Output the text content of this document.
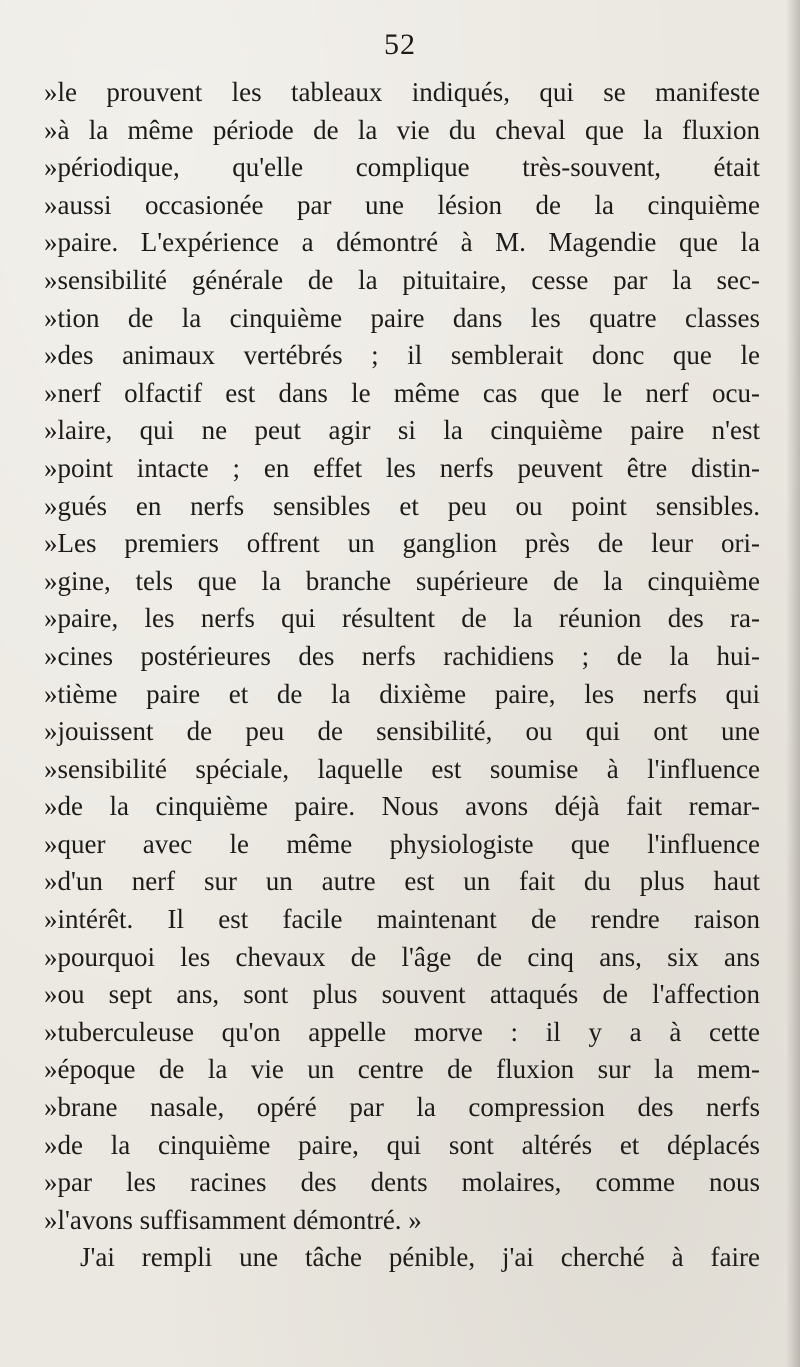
52
»le prouvent les tableaux indiqués, qui se manifeste
»à la même période de la vie du cheval que la fluxion
»périodique, qu'elle complique très-souvent, était
»aussi occasionée par une lésion de la cinquième
»paire. L'expérience a démontré à M. Magendie que la
»sensibilité générale de la pituitaire, cesse par la sec-
»tion de la cinquième paire dans les quatre classes
»des animaux vertébrés ; il semblerait donc que le
»nerf olfactif est dans le même cas que le nerf ocu-
»laire, qui ne peut agir si la cinquième paire n'est
»point intacte ; en effet les nerfs peuvent être distin-
»gués en nerfs sensibles et peu ou point sensibles.
»Les premiers offrent un ganglion près de leur ori-
»gine, tels que la branche supérieure de la cinquième
»paire, les nerfs qui résultent de la réunion des ra-
»cines postérieures des nerfs rachidiens ; de la hui-
»tième paire et de la dixième paire, les nerfs qui
»jouissent de peu de sensibilité, ou qui ont une
»sensibilité spéciale, laquelle est soumise à l'influence
»de la cinquième paire. Nous avons déjà fait remar-
»quer avec le même physiologiste que l'influence
»d'un nerf sur un autre est un fait du plus haut
»intérêt. Il est facile maintenant de rendre raison
»pourquoi les chevaux de l'âge de cinq ans, six ans
»ou sept ans, sont plus souvent attaqués de l'affection
»tuberculeuse qu'on appelle morve : il y a à cette
»époque de la vie un centre de fluxion sur la mem-
»brane nasale, opéré par la compression des nerfs
»de la cinquième paire, qui sont altérés et déplacés
»par les racines des dents molaires, comme nous
»l'avons suffisamment démontré. »
J'ai rempli une tâche pénible, j'ai cherché à faire
